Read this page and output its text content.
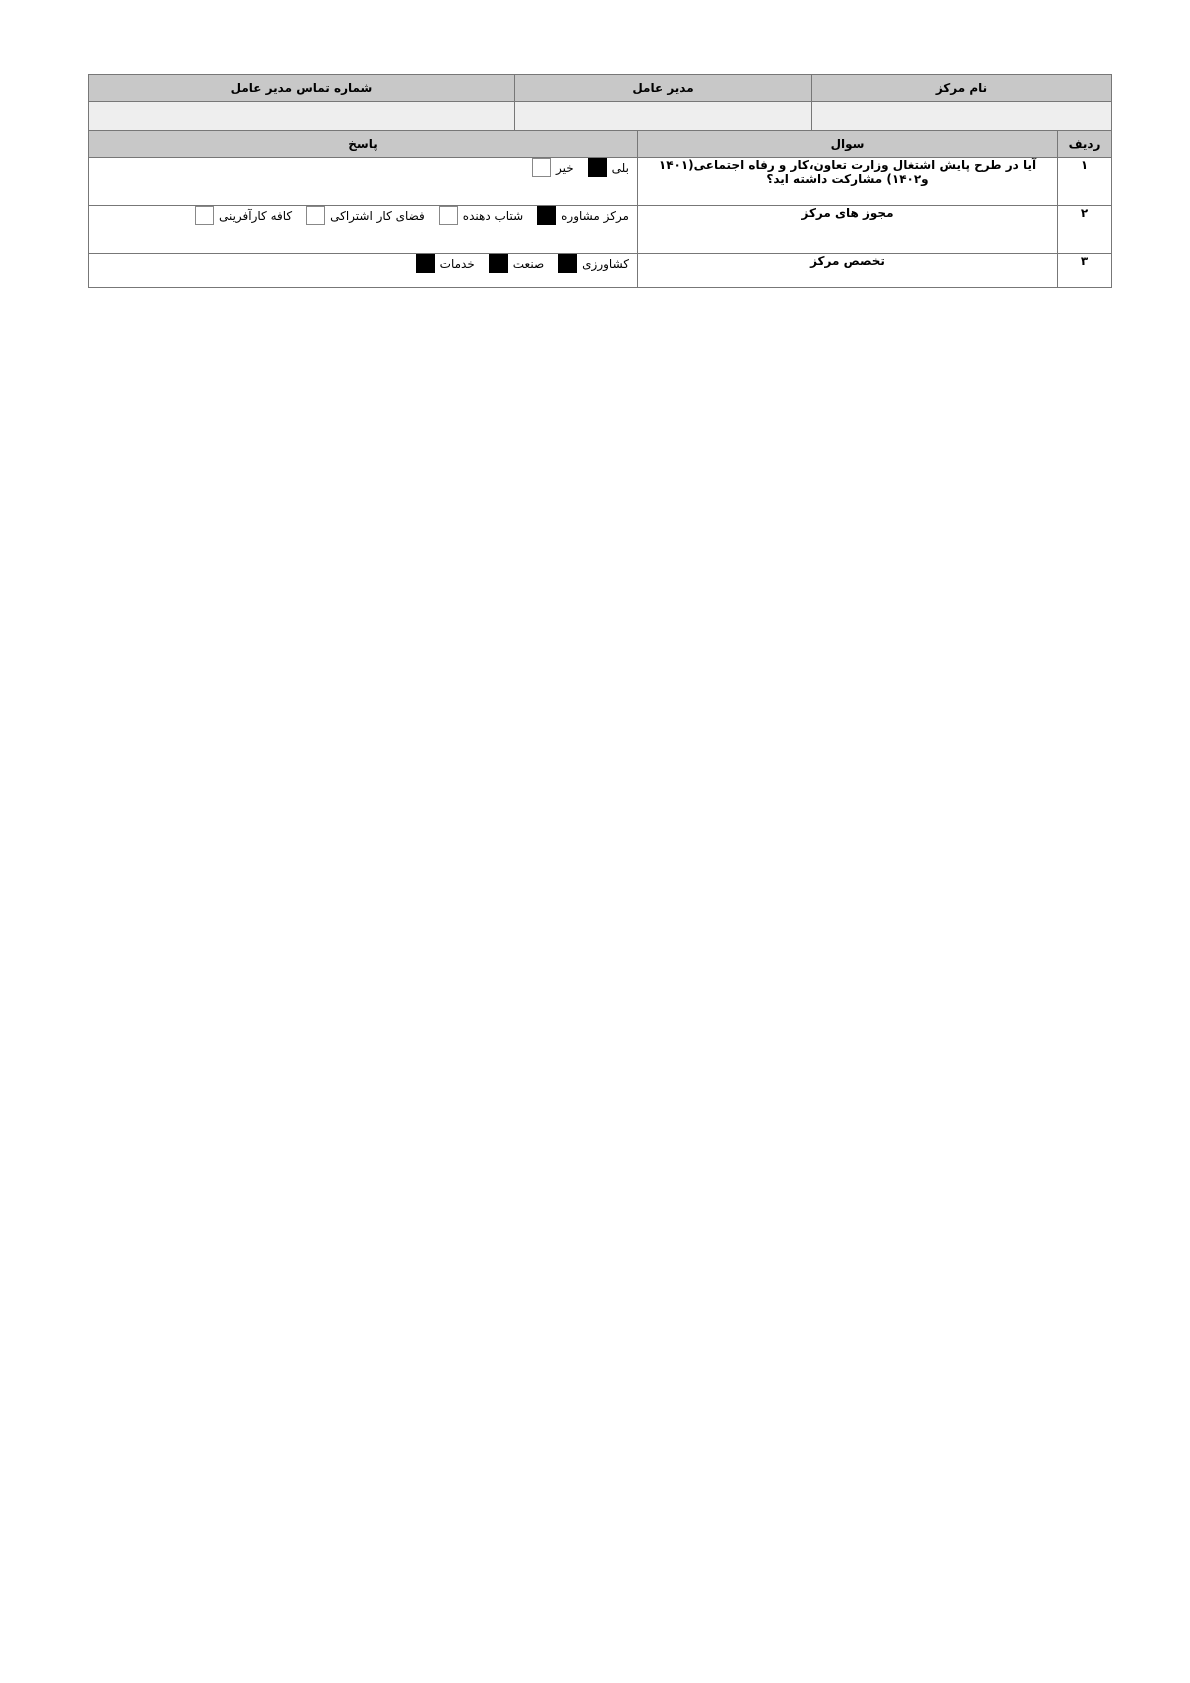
نام مرکز	مدیر عامل	شماره تماس مدیر عامل

ردیف	سوال	پاسخ
۱	آیا در طرح پایش اشتغال وزارت تعاون،کار و رفاه اجتماعی(۱۴۰۱ و۱۴۰۲) مشارکت داشته اید؟	بلی
خیر

۲	مجوز های مرکز	مرکز مشاوره
شتاب دهنده
فضای کار اشتراکی
کافه کارآفرینی

۳	تخصص مرکز	کشاورزی
صنعت
خدمات
